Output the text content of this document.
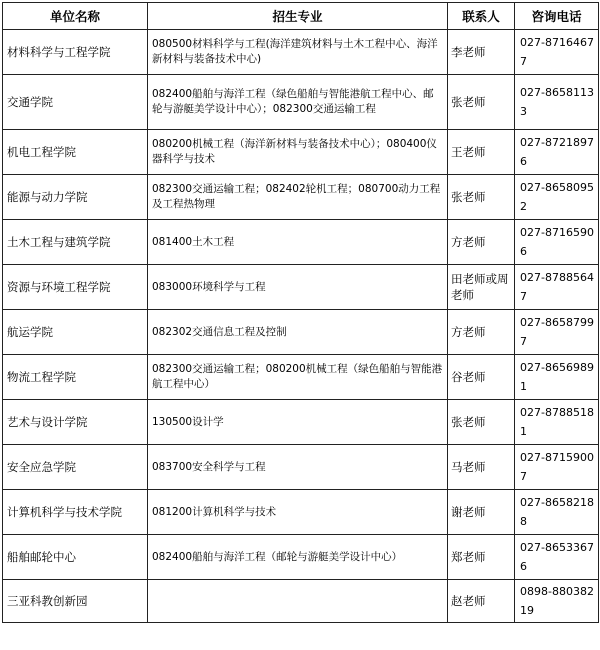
单位名称	招生专业	联系人	咨询电话
材料科学与工程学院	080500材料科学与工程(海洋建筑材料与土木工程中心、海洋新材料与装备技术中心)	李老师	027-87164677
交通学院	082400船舶与海洋工程（绿色船舶与智能港航工程中心、邮轮与游艇美学设计中心）；082300交通运输工程	张老师	027-86581133
机电工程学院	080200机械工程（海洋新材料与装备技术中心）；080400仪器科学与技术	王老师	027-87218976
能源与动力学院	082300交通运输工程；082402轮机工程；080700动力工程及工程热物理	张老师	027-86580952
土木工程与建筑学院	081400土木工程	方老师	027-87165906
资源与环境工程学院	083000环境科学与工程	田老师或周老师	027-87885647
航运学院	082302交通信息工程及控制	方老师	027-86587997
物流工程学院	082300交通运输工程；080200机械工程（绿色船舶与智能港航工程中心）	谷老师	027-86569891
艺术与设计学院	130500设计学	张老师	027-87885181
安全应急学院	083700安全科学与工程	马老师	027-87159007
计算机科学与技术学院	081200计算机科学与技术	谢老师	027-86582188
船舶邮轮中心	082400船舶与海洋工程（邮轮与游艇美学设计中心）	郑老师	027-86533676
三亚科教创新园		赵老师	0898-88038219
